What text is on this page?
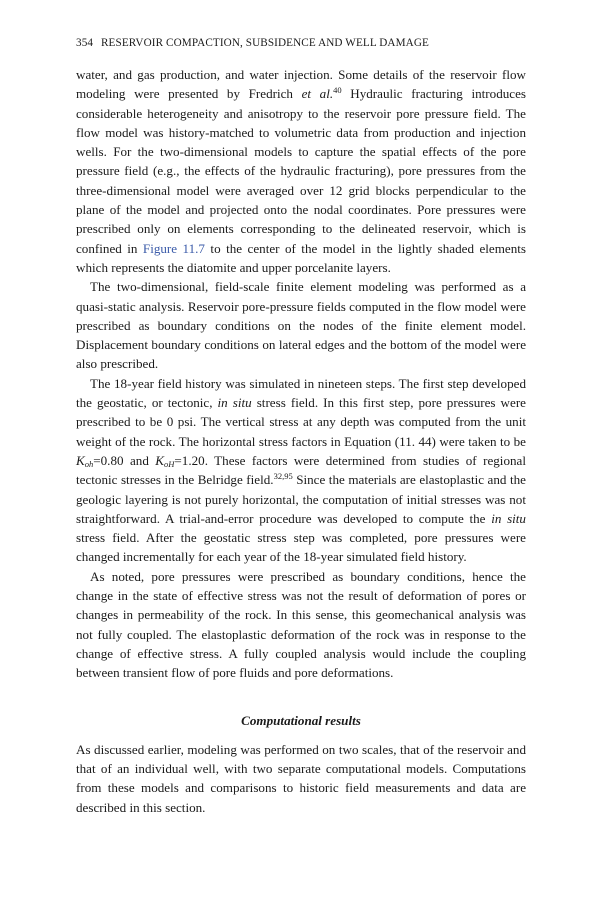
354 RESERVOIR COMPACTION, SUBSIDENCE AND WELL DAMAGE

water, and gas production, and water injection. Some details of the reservoir flow modeling were presented by Fredrich et al.$^{40}$ Hydraulic fracturing introduces considerable heterogeneity and anisotropy to the reservoir pore pressure field. The flow model was history-matched to volumetric data from production and injection wells. For the two-dimensional models to capture the spatial effects of the pore pressure field (e.g., the effects of the hydraulic fracturing), pore pressures from the three-dimensional model were averaged over 12 grid blocks perpendicular to the plane of the model and projected onto the nodal coordinates. Pore pressures were prescribed only on elements corresponding to the delineated reservoir, which is confined in Figure 11.7 to the center of the model in the lightly shaded elements which represents the diatomite and upper porcelanite layers.

The two-dimensional, field-scale finite element modeling was performed as a quasi-static analysis. Reservoir pore-pressure fields computed in the flow model were prescribed as boundary conditions on the nodes of the finite element model. Displacement boundary conditions on lateral edges and the bottom of the model were also prescribed.

The 18-year field history was simulated in nineteen steps. The first step developed the geostatic, or tectonic, in situ stress field. In this first step, pore pressures were prescribed to be 0 psi. The vertical stress at any depth was computed from the unit weight of the rock. The horizontal stress factors in Equation (11. 44) were taken to be $K_{oh}=0.80$ and $K_{oH}=1.20$. These factors were determined from studies of regional tectonic stresses in the Belridge field.$^{32,95}$ Since the materials are elastoplastic and the geologic layering is not purely horizontal, the computation of initial stresses was not straightforward. A trial-and-error procedure was developed to compute the in situ stress field. After the geostatic stress step was completed, pore pressures were changed incrementally for each year of the 18-year simulated field history.

As noted, pore pressures were prescribed as boundary conditions, hence the change in the state of effective stress was not the result of deformation of pores or changes in permeability of the rock. In this sense, this geomechanical analysis was not fully coupled. The elastoplastic deformation of the rock was in response to the change of effective stress. A fully coupled analysis would include the coupling between transient flow of pore fluids and pore deformations.

Computational results

As discussed earlier, modeling was performed on two scales, that of the reservoir and that of an individual well, with two separate computational models. Computations from these models and comparisons to historic field measurements and data are described in this section.
